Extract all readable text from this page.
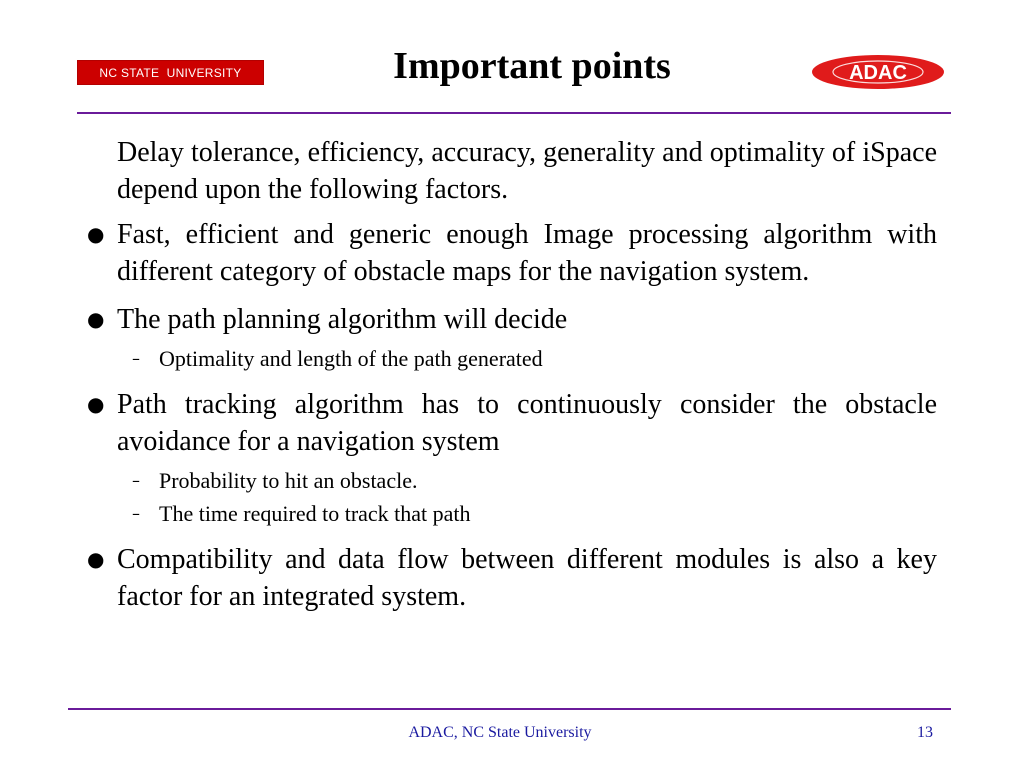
NC STATE  UNIVERSITY	Important points	ADAC
Delay tolerance, efficiency, accuracy, generality and optimality of iSpace depend upon the following factors.
● Fast, efficient and generic enough Image processing algorithm with different category of obstacle maps for the navigation system.
● The path planning algorithm will decide
– Optimality and length of the path generated
● Path tracking algorithm has to continuously consider the obstacle avoidance for a navigation system
– Probability to hit an obstacle.
– The time required to track that path
● Compatibility and data flow between different modules is also a key factor for an integrated system.
ADAC, NC State University	13
